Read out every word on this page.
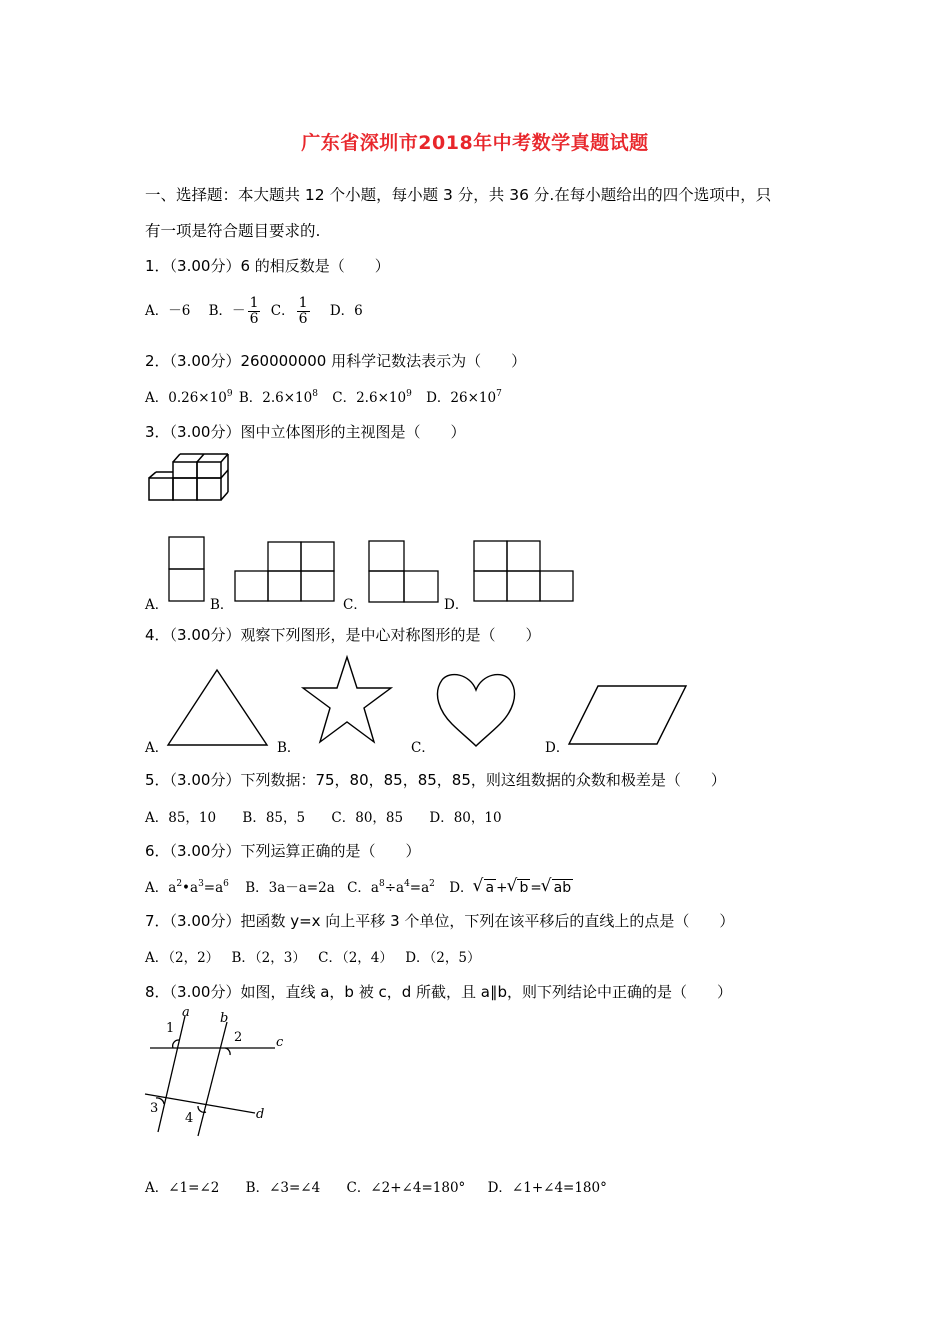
广东省深圳市2018年中考数学真题试题
一、选择题：本大题共 12 个小题，每小题 3 分，共 36 分.在每小题给出的四个选项中，只
有一项是符合题目要求的.
1．（3.00分）6 的相反数是（　　）
A．－6 B．－ $\frac{1}{6}$ C． $\frac{1}{6}$ D．6
2．（3.00分）260000000 用科学记数法表示为（　　）
A．$0.26\times 10^9$ B．$2.6\times 10^8$ C．$2.6\times 10^9$ D．$26\times 10^7$
3．（3.00分）图中立体图形的主视图是（　　）
A．	B．	C．	D．
4．（3.00分）观察下列图形，是中心对称图形的是（　　）
A．	B．	C．	D．
5．（3.00分）下列数据：75，80，85，85，85，则这组数据的众数和极差是（　　）
A．85，10 B．85，5 C．80，85 D．80，10
6．（3.00分）下列运算正确的是（　　）
A．$a^2•a^3=a^6$ B．3a－a=2a C．$a^8\div a^4=a^2$ D． √ a + √ b = √ ab
7．（3.00分）把函数 y=x 向上平移 3 个单位，下列在该平移后的直线上的点是（　　）
A．（2，2） B．（2，3） C．（2，4） D．（2，5）
8．（3.00分）如图，直线 a，b 被 c，d 所截，且 a∥b，则下列结论中正确的是（　　）
a b
c
d
1
2
3
4
A．∠1=∠2 B．∠3=∠4 C．∠2+∠4=180° D．∠1+∠4=180°
